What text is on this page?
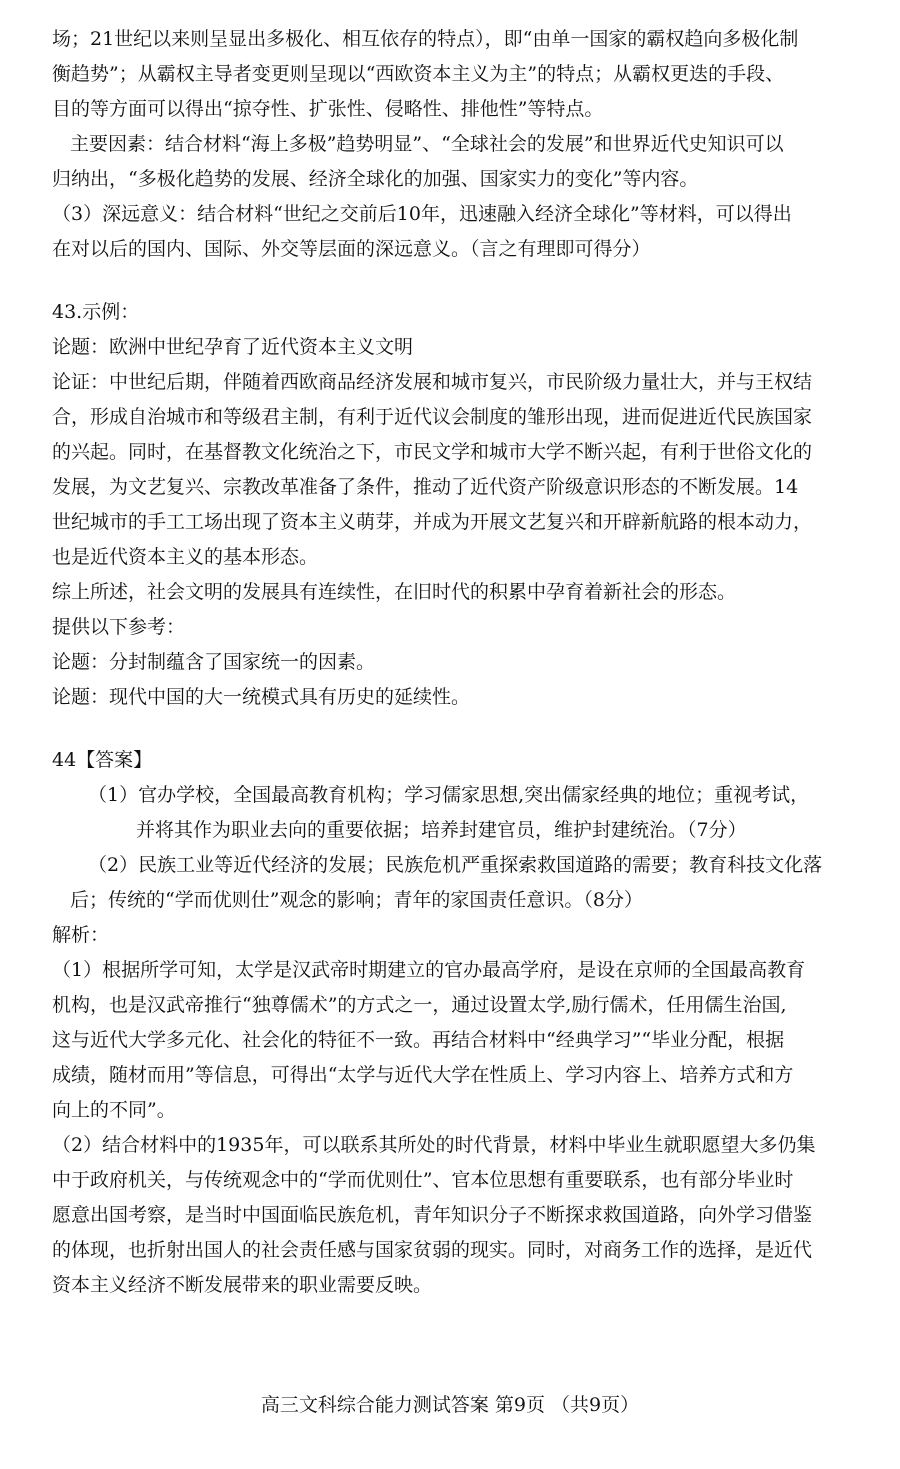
场；21世纪以来则呈显出多极化、相互依存的特点），即“由单一国家的霸权趋向多极化制
衡趋势”；从霸权主导者变更则呈现以“西欧资本主义为主”的特点；从霸权更迭的手段、
目的等方面可以得出“掠夺性、扩张性、侵略性、排他性”等特点。
主要因素：结合材料“海上多极”趋势明显”、“全球社会的发展”和世界近代史知识可以
归纳出，“多极化趋势的发展、经济全球化的加强、国家实力的变化”等内容。
（3）深远意义：结合材料“世纪之交前后10年，迅速融入经济全球化”等材料，可以得出
在对以后的国内、国际、外交等层面的深远意义。（言之有理即可得分）
43.示例：
论题：欧洲中世纪孕育了近代资本主义文明
论证：中世纪后期，伴随着西欧商品经济发展和城市复兴，市民阶级力量壮大，并与王权结
合，形成自治城市和等级君主制，有利于近代议会制度的雏形出现，进而促进近代民族国家
的兴起。同时，在基督教文化统治之下，市民文学和城市大学不断兴起，有利于世俗文化的
发展，为文艺复兴、宗教改革准备了条件，推动了近代资产阶级意识形态的不断发展。14
世纪城市的手工工场出现了资本主义萌芽，并成为开展文艺复兴和开辟新航路的根本动力，
也是近代资本主义的基本形态。
综上所述，社会文明的发展具有连续性，在旧时代的积累中孕育着新社会的形态。
提供以下参考：
论题：分封制蕴含了国家统一的因素。
论题：现代中国的大一统模式具有历史的延续性。
44【答案】
（1）官办学校，全国最高教育机构；学习儒家思想,突出儒家经典的地位；重视考试，
并将其作为职业去向的重要依据；培养封建官员，维护封建统治。（7分）
（2）民族工业等近代经济的发展；民族危机严重探索救国道路的需要；教育科技文化落
后；传统的“学而优则仕”观念的影响；青年的家国责任意识。（8分）
解析：
（1）根据所学可知，太学是汉武帝时期建立的官办最高学府，是设在京师的全国最高教育
机构，也是汉武帝推行“独尊儒术”的方式之一，通过设置太学,励行儒术，任用儒生治国,
这与近代大学多元化、社会化的特征不一致。再结合材料中“经典学习”“毕业分配，根据
成绩，随材而用”等信息，可得出“太学与近代大学在性质上、学习内容上、培养方式和方
向上的不同”。
（2）结合材料中的1935年，可以联系其所处的时代背景，材料中毕业生就职愿望大多仍集
中于政府机关，与传统观念中的“学而优则仕”、官本位思想有重要联系，也有部分毕业时
愿意出国考察，是当时中国面临民族危机，青年知识分子不断探求救国道路，向外学习借鉴
的体现，也折射出国人的社会责任感与国家贫弱的现实。同时，对商务工作的选择，是近代
资本主义经济不断发展带来的职业需要反映。
高三文科综合能力测试答案 第9页 （共9页）
